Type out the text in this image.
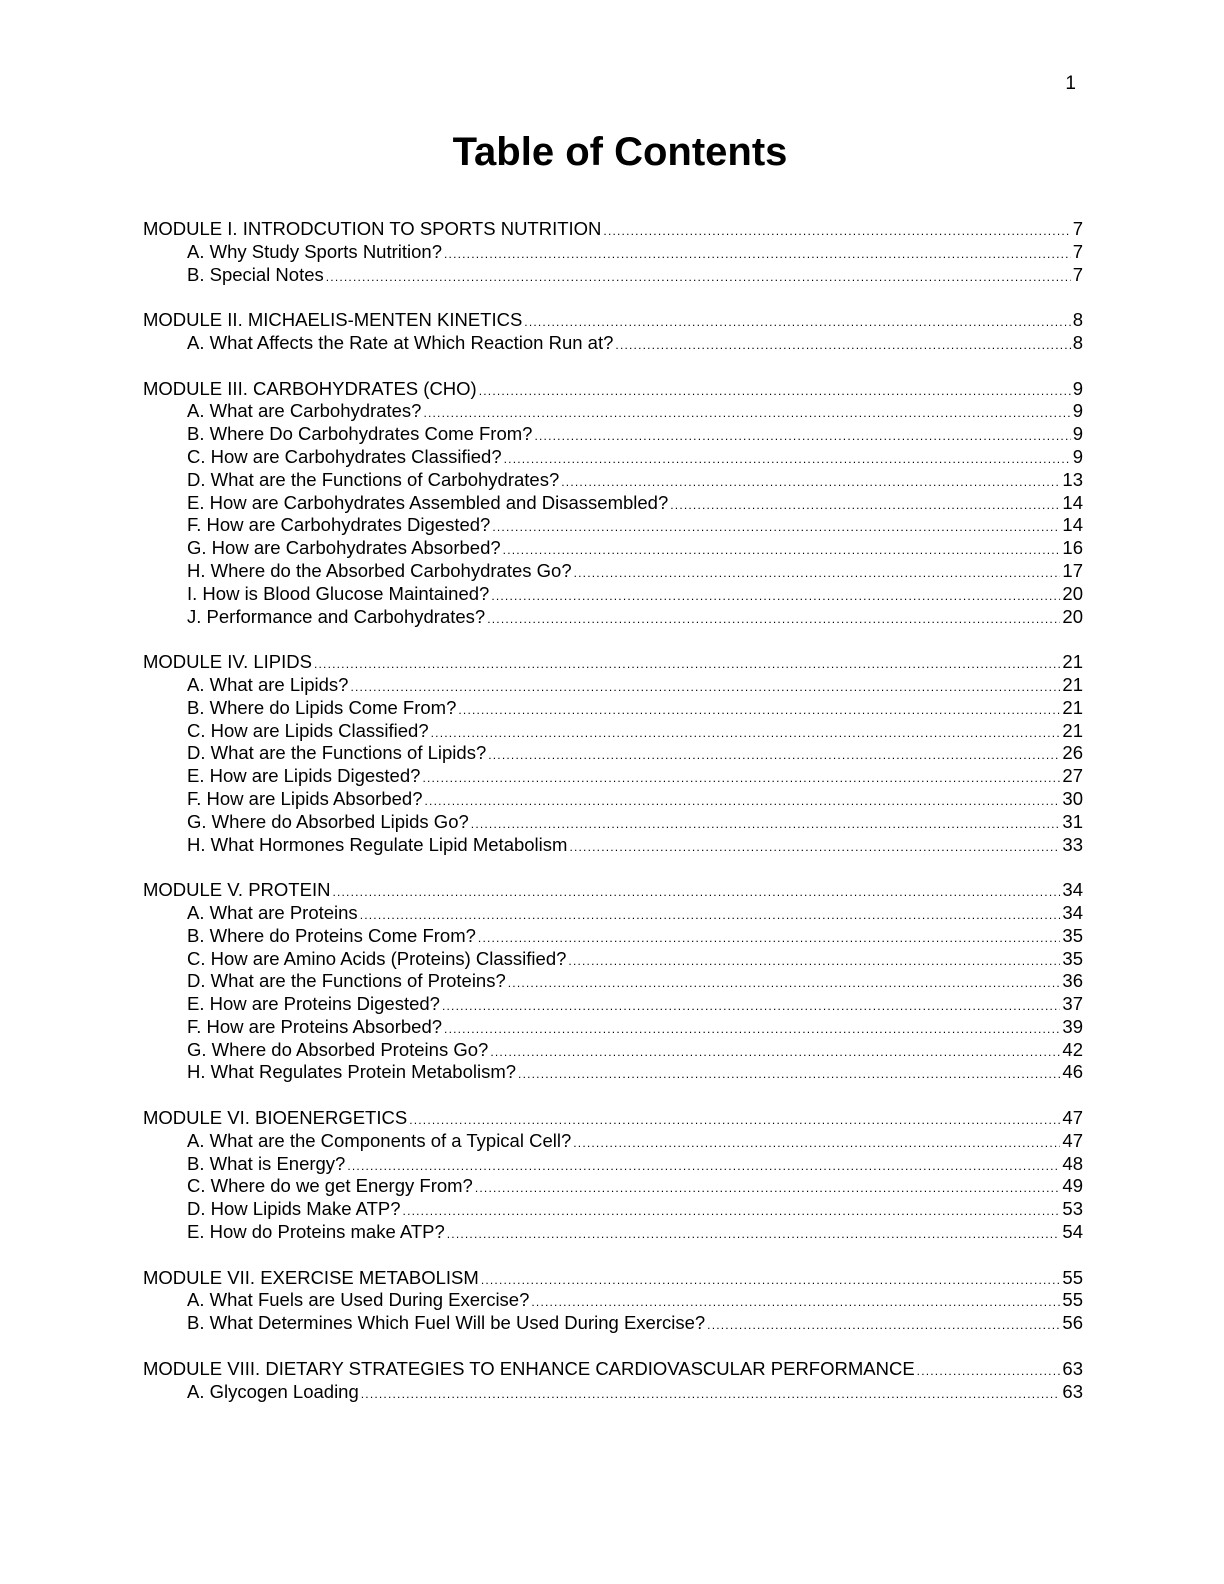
1
Table of Contents
MODULE I. INTRODCUTION TO SPORTS NUTRITION .....	7
A. Why Study Sports Nutrition? .....	7
B. Special Notes .....	7
MODULE II. MICHAELIS-MENTEN KINETICS .....	8
A. What Affects the Rate at Which Reaction Run at? .....	8
MODULE III. CARBOHYDRATES (CHO) .....	9
A. What are Carbohydrates? .....	9
B. Where Do Carbohydrates Come From? .....	9
C. How are Carbohydrates Classified? .....	9
D. What are the Functions of Carbohydrates? .....	13
E. How are Carbohydrates Assembled and Disassembled? .....	14
F. How are Carbohydrates Digested? .....	14
G. How are Carbohydrates Absorbed? .....	16
H. Where do the Absorbed Carbohydrates Go? .....	17
I. How is Blood Glucose Maintained? .....	20
J. Performance and Carbohydrates? .....	20
MODULE IV. LIPIDS .....	21
A. What are Lipids? .....	21
B. Where do Lipids Come From? .....	21
C. How are Lipids Classified? .....	21
D. What are the Functions of Lipids? .....	26
E. How are Lipids Digested? .....	27
F. How are Lipids Absorbed? .....	30
G. Where do Absorbed Lipids Go? .....	31
H. What Hormones Regulate Lipid Metabolism .....	33
MODULE V. PROTEIN .....	34
A. What are Proteins .....	34
B. Where do Proteins Come From? .....	35
C. How are Amino Acids (Proteins) Classified? .....	35
D. What are the Functions of Proteins? .....	36
E. How are Proteins Digested? .....	37
F. How are Proteins Absorbed? .....	39
G. Where do Absorbed Proteins Go? .....	42
H. What Regulates Protein Metabolism? .....	46
MODULE VI. BIOENERGETICS .....	47
A. What are the Components of a Typical Cell? .....	47
B. What is Energy? .....	48
C. Where do we get Energy From? .....	49
D. How Lipids Make ATP? .....	53
E. How do Proteins make ATP? .....	54
MODULE VII. EXERCISE METABOLISM .....	55
A. What Fuels are Used During Exercise? .....	55
B. What Determines Which Fuel Will be Used During Exercise? .....	56
MODULE VIII. DIETARY STRATEGIES TO ENHANCE CARDIOVASCULAR PERFORMANCE .....	63
A. Glycogen Loading .....	63
